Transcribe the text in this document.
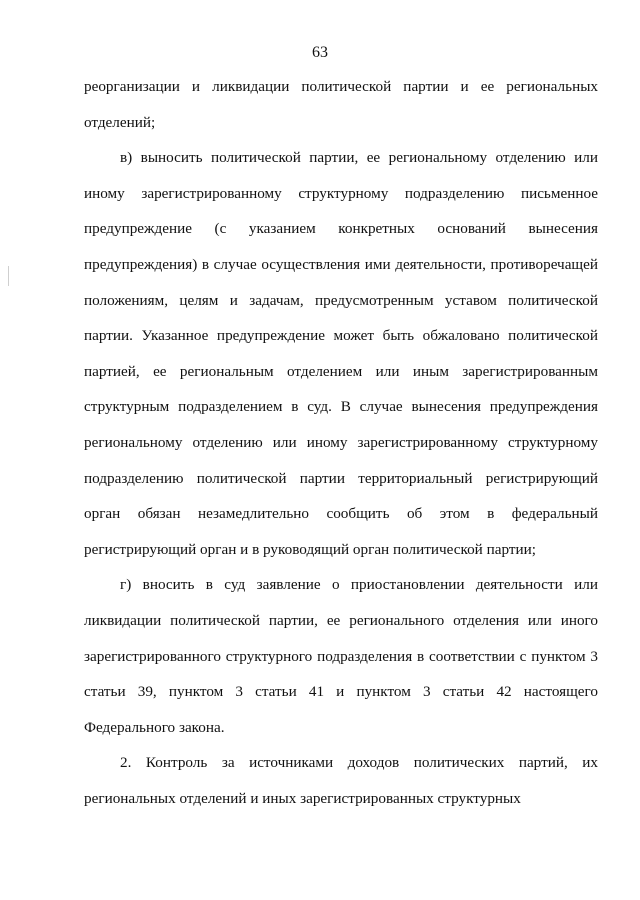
63

реорганизации и ликвидации политической партии и ее региональных отделений;

в) выносить политической партии, ее региональному отделению или иному зарегистрированному структурному подразделению письменное предупреждение (с указанием конкретных оснований вынесения предупреждения) в случае осуществления ими деятельности, противоречащей положениям, целям и задачам, предусмотренным уставом политической партии. Указанное предупреждение может быть обжаловано политической партией, ее региональным отделением или иным зарегистрированным структурным подразделением в суд. В случае вынесения предупреждения региональному отделению или иному зарегистрированному структурному подразделению политической партии территориальный регистрирующий орган обязан незамедлительно сообщить об этом в федеральный регистрирующий орган и в руководящий орган политической партии;

г) вносить в суд заявление о приостановлении деятельности или ликвидации политической партии, ее регионального отделения или иного зарегистрированного структурного подразделения в соответствии с пунктом 3 статьи 39, пунктом 3 статьи 41 и пунктом 3 статьи 42 настоящего Федерального закона.

2. Контроль за источниками доходов политических партий, их региональных отделений и иных зарегистрированных структурных
